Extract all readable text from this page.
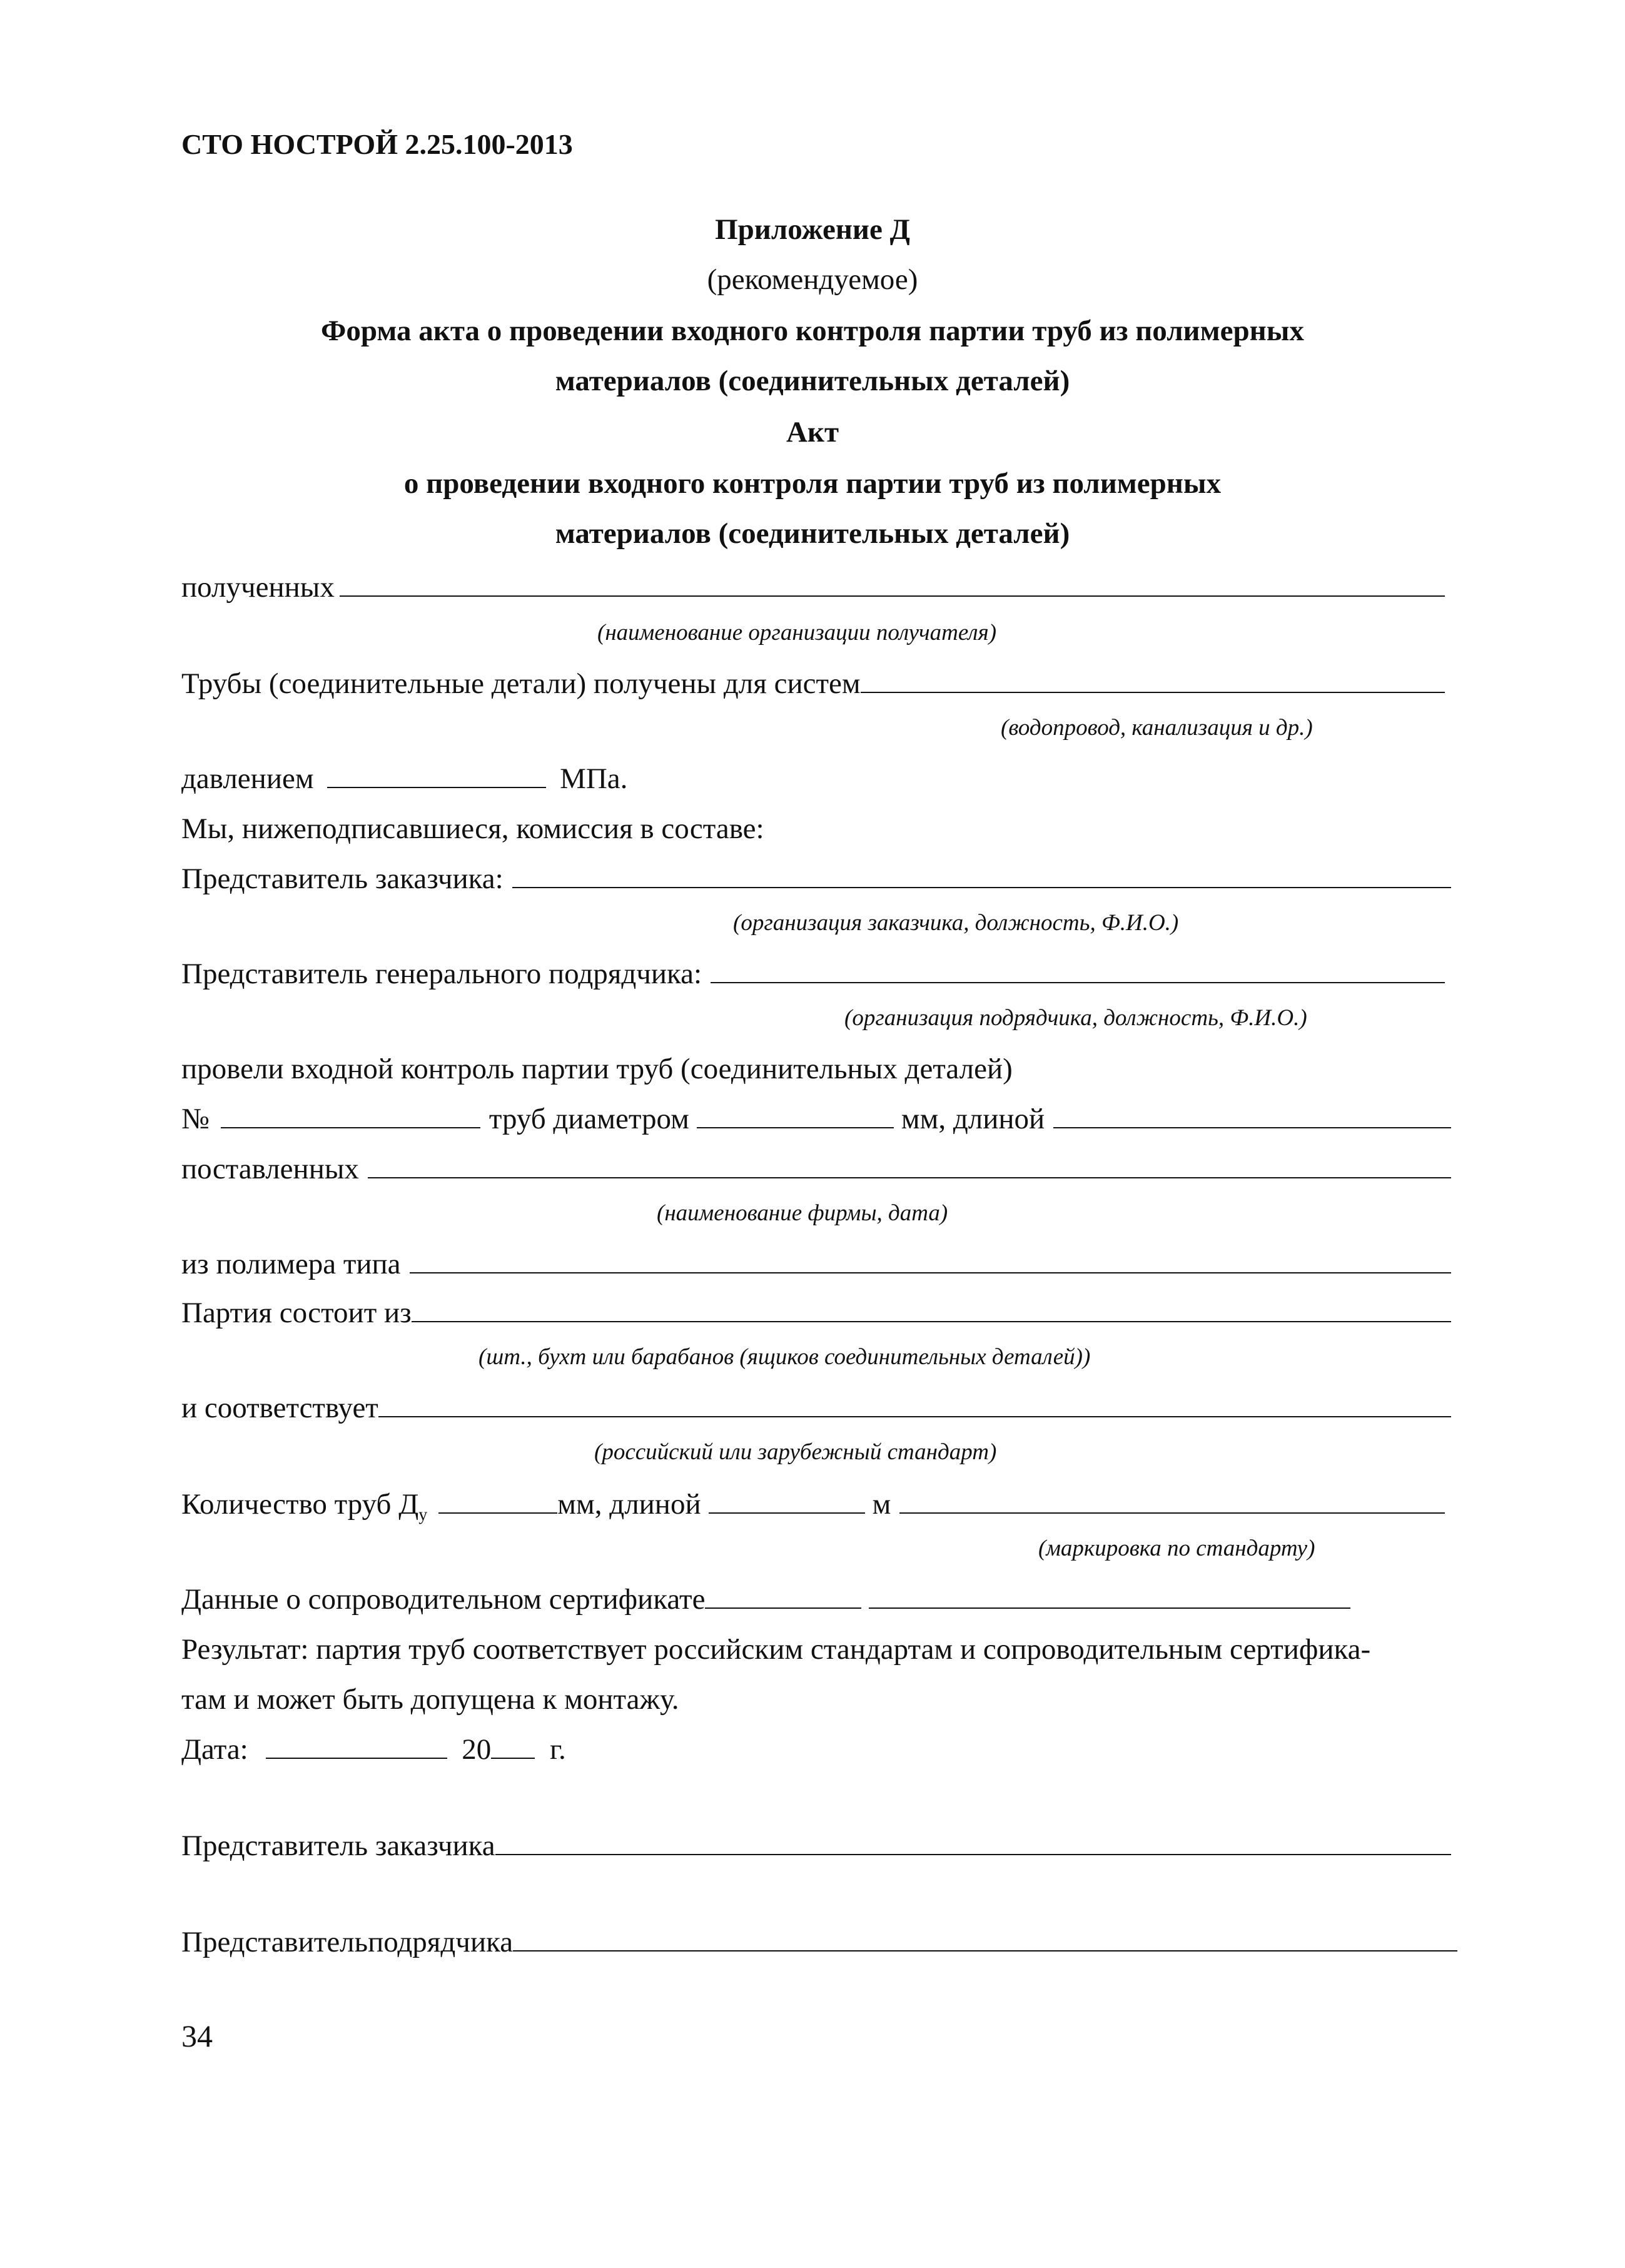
СТО НОСТРОЙ 2.25.100-2013
Приложение Д
(рекомендуемое)
Форма акта о проведении входного контроля партии труб из полимерных
материалов (соединительных деталей)
Акт
о проведении входного контроля партии труб из полимерных
материалов (соединительных деталей)
полученных
(наименование организации получателя)
Трубы (соединительные детали) получены для систем
(водопровод, канализация и др.)
давлением	МПа.
Мы, нижеподписавшиеся, комиссия в составе:
Представитель заказчика:
(организация заказчика, должность, Ф.И.О.)
Представитель генерального подрядчика:
(организация подрядчика, должность, Ф.И.О.)
провели входной контроль партии труб (соединительных деталей)
№	труб диаметром	мм, длиной
поставленных
(наименование фирмы, дата)
из полимера типа
Партия состоит из
(шт., бухт или барабанов (ящиков соединительных деталей))
и соответствует
(российский или зарубежный стандарт)
Количество труб $Д_у$	мм, длиной	м
(маркировка по стандарту)
Данные о сопроводительном сертификате
Результат: партия труб соответствует российским стандартам и сопроводительным сертифика-
там и может быть допущена к монтажу.
Дата:	20 г.
Представитель заказчика
Представительподрядчика
34
